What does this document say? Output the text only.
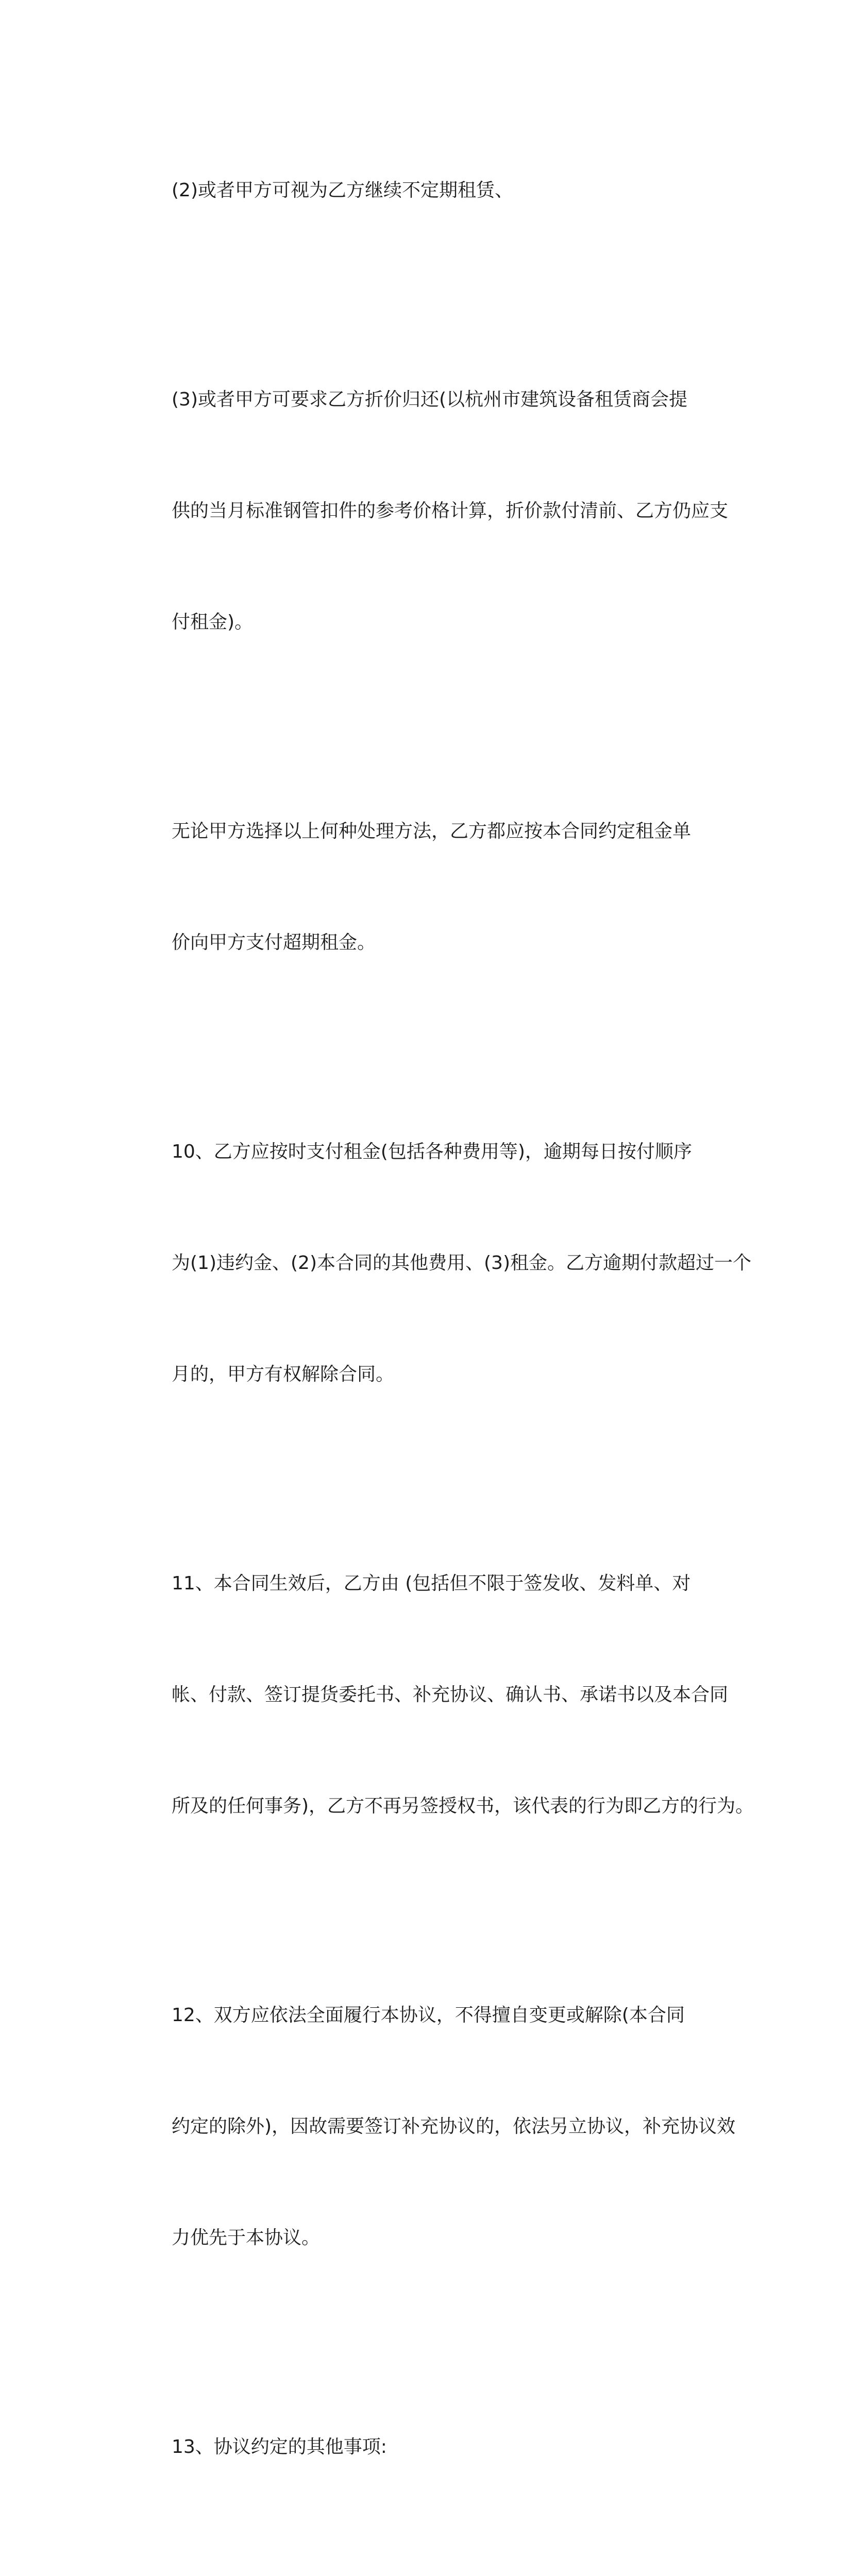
(2)或者甲方可视为乙方继续不定期租赁、

(3)或者甲方可要求乙方折价归还(以杭州市建筑设备租赁商会提

供的当月标准钢管扣件的参考价格计算，折价款付清前、乙方仍应支

付租金)。

无论甲方选择以上何种处理方法，乙方都应按本合同约定租金单

价向甲方支付超期租金。

10、乙方应按时支付租金(包括各种费用等)，逾期每日按付顺序

为(1)违约金、(2)本合同的其他费用、(3)租金。乙方逾期付款超过一个

月的，甲方有权解除合同。

11、本合同生效后，乙方由 (包括但不限于签发收、发料单、对

帐、付款、签订提货委托书、补充协议、确认书、承诺书以及本合同

所及的任何事务)，乙方不再另签授权书，该代表的行为即乙方的行为。

12、双方应依法全面履行本协议，不得擅自变更或解除(本合同

约定的除外)，因故需要签订补充协议的，依法另立协议，补充协议效

力优先于本协议。

13、协议约定的其他事项:
